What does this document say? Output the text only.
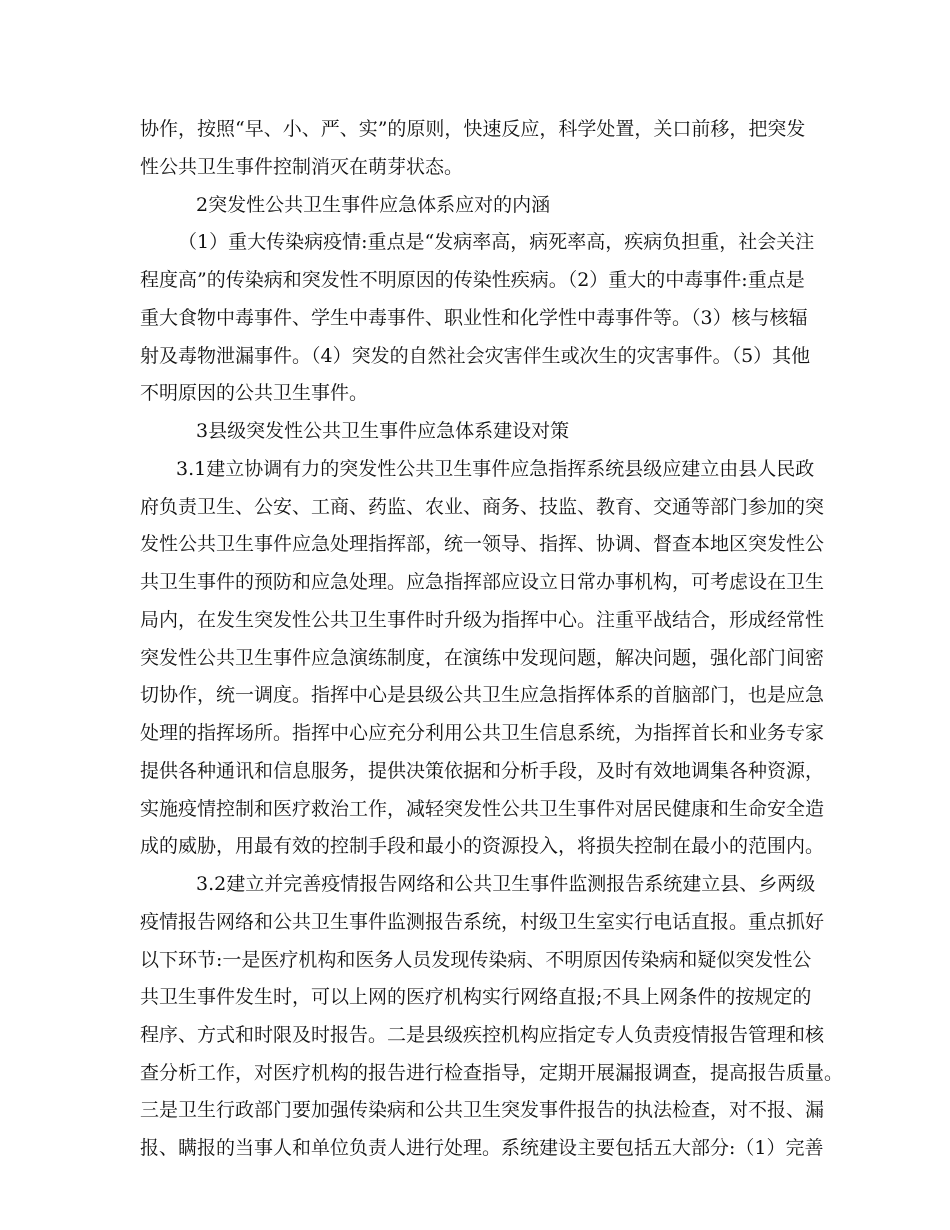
协作，按照“早、小、严、实”的原则，快速反应，科学处置，关口前移，把突发
性公共卫生事件控制消灭在萌芽状态。
2突发性公共卫生事件应急体系应对的内涵
（1）重大传染病疫情:重点是“发病率高，病死率高，疾病负担重，社会关注
程度高”的传染病和突发性不明原因的传染性疾病。（2）重大的中毒事件:重点是
重大食物中毒事件、学生中毒事件、职业性和化学性中毒事件等。（3）核与核辐
射及毒物泄漏事件。（4）突发的自然社会灾害伴生或次生的灾害事件。（5）其他
不明原因的公共卫生事件。
3县级突发性公共卫生事件应急体系建设对策
3.1建立协调有力的突发性公共卫生事件应急指挥系统县级应建立由县人民政
府负责卫生、公安、工商、药监、农业、商务、技监、教育、交通等部门参加的突
发性公共卫生事件应急处理指挥部，统一领导、指挥、协调、督查本地区突发性公
共卫生事件的预防和应急处理。应急指挥部应设立日常办事机构，可考虑设在卫生
局内，在发生突发性公共卫生事件时升级为指挥中心。注重平战结合，形成经常性
突发性公共卫生事件应急演练制度，在演练中发现问题，解决问题，强化部门间密
切协作，统一调度。指挥中心是县级公共卫生应急指挥体系的首脑部门，也是应急
处理的指挥场所。指挥中心应充分利用公共卫生信息系统，为指挥首长和业务专家
提供各种通讯和信息服务，提供决策依据和分析手段，及时有效地调集各种资源，
实施疫情控制和医疗救治工作，减轻突发性公共卫生事件对居民健康和生命安全造
成的威胁，用最有效的控制手段和最小的资源投入，将损失控制在最小的范围内。
3.2建立并完善疫情报告网络和公共卫生事件监测报告系统建立县、乡两级
疫情报告网络和公共卫生事件监测报告系统，村级卫生室实行电话直报。重点抓好
以下环节:一是医疗机构和医务人员发现传染病、不明原因传染病和疑似突发性公
共卫生事件发生时，可以上网的医疗机构实行网络直报;不具上网条件的按规定的
程序、方式和时限及时报告。二是县级疾控机构应指定专人负责疫情报告管理和核
查分析工作，对医疗机构的报告进行检查指导，定期开展漏报调查，提高报告质量。
三是卫生行政部门要加强传染病和公共卫生突发事件报告的执法检查，对不报、漏
报、瞒报的当事人和单位负责人进行处理。系统建设主要包括五大部分:（1）完善
